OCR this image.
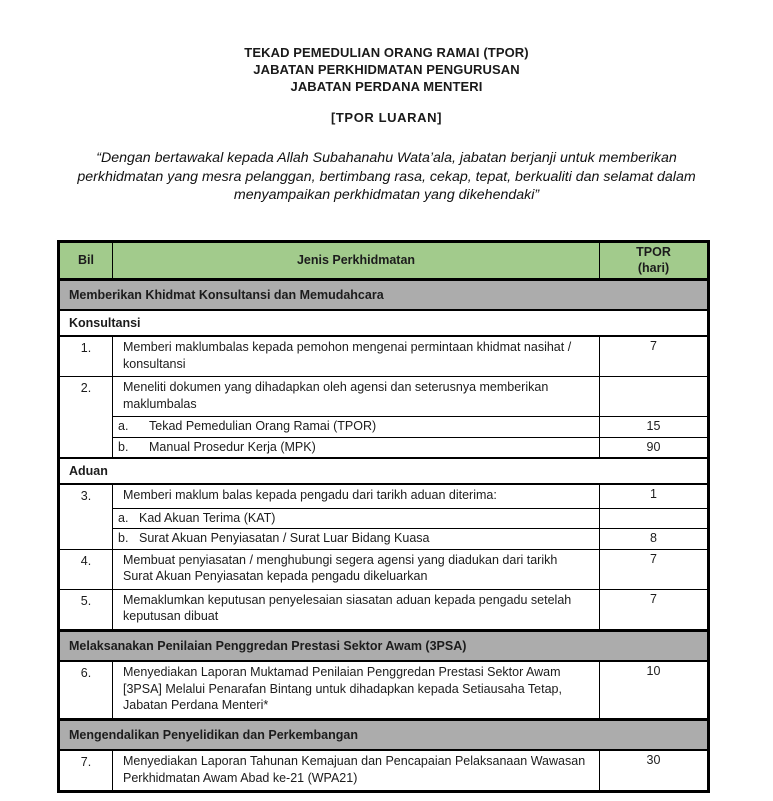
TEKAD PEMEDULIAN ORANG RAMAI (TPOR)
JABATAN PERKHIDMATAN PENGURUSAN
JABATAN PERDANA MENTERI
[TPOR LUARAN]
“Dengan bertawakal kepada Allah Subahanahu Wata’ala, jabatan berjanji untuk memberikan
perkhidmatan yang mesra pelanggan, bertimbang rasa, cekap, tepat, berkualiti dan selamat dalam
menyampaikan perkhidmatan yang dikehendaki”
Bil	Jenis Perkhidmatan	TPOR
(hari)
Memberikan Khidmat Konsultansi dan Memudahcara		
Konsultansi		
1.	Memberi maklumbalas kepada pemohon mengenai permintaan khidmat nasihat / konsultansi	7
2.	Meneliti dokumen yang dihadapkan oleh agensi dan seterusnya memberikan maklumbalas	
	a. Tekad Pemedulian Orang Ramai (TPOR)	15
	b. Manual Prosedur Kerja (MPK)	90
Aduan		
3.	Memberi maklum balas kepada pengadu dari tarikh aduan diterima:	1
	a. Kad Akuan Terima (KAT)	
	b. Surat Akuan Penyiasatan / Surat Luar Bidang Kuasa	8
4.	Membuat penyiasatan / menghubungi segera agensi yang diadukan dari tarikh Surat Akuan Penyiasatan kepada pengadu dikeluarkan	7
5.	Memaklumkan keputusan penyelesaian siasatan aduan kepada pengadu setelah keputusan dibuat	7
Melaksanakan Penilaian Penggredan Prestasi Sektor Awam (3PSA)		
6.	Menyediakan Laporan Muktamad Penilaian Penggredan Prestasi Sektor Awam [3PSA] Melalui Penarafan Bintang untuk dihadapkan kepada Setiausaha Tetap, Jabatan Perdana Menteri*	10
Mengendalikan Penyelidikan dan Perkembangan		
7.	Menyediakan Laporan Tahunan Kemajuan dan Pencapaian Pelaksanaan Wawasan Perkhidmatan Awam Abad ke-21 (WPA21)	30
